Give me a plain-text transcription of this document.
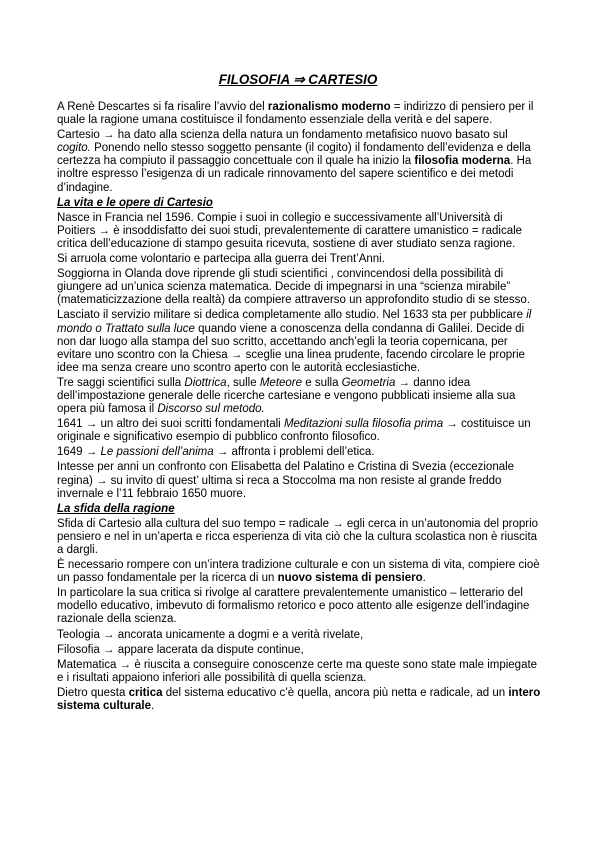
FILOSOFIA ⇒ CARTESIO

A Renè Descartes si fa risalire l’avvio del razionalismo moderno = indirizzo di pensiero per il quale la ragione umana costituisce il fondamento essenziale della verità e del sapere.

Cartesio → ha dato alla scienza della natura un fondamento metafisico nuovo basato sul cogito. Ponendo nello stesso soggetto pensante (il cogito) il fondamento dell’evidenza e della certezza ha compiuto il passaggio concettuale con il quale ha inizio la filosofia moderna. Ha inoltre espresso l’esigenza di un radicale rinnovamento del sapere scientifico e dei metodi d’indagine.

La vita e le opere di Cartesio

Nasce in Francia nel 1596. Compie i suoi in collegio e successivamente all’Università di Poitiers → è insoddisfatto dei suoi studi, prevalentemente di carattere umanistico = radicale critica dell’educazione di stampo gesuita ricevuta, sostiene di aver studiato senza ragione.

Si arruola come volontario e partecipa alla guerra dei Trent’Anni.

Soggiorna in Olanda dove riprende gli studi scientifici , convincendosi della possibilità di giungere ad un’unica scienza matematica. Decide di impegnarsi in una “scienza mirabile” (matematicizzazione della realtà) da compiere attraverso un approfondito studio di se stesso.

Lasciato il servizio militare si dedica completamente allo studio. Nel 1633 sta per pubblicare il mondo o Trattato sulla luce quando viene a conoscenza della condanna di Galilei. Decide di non dar luogo alla stampa del suo scritto, accettando anch’egli la teoria copernicana, per evitare uno scontro con la Chiesa → sceglie una linea prudente, facendo circolare le proprie idee ma senza creare uno scontro aperto con le autorità ecclesiastiche.

Tre saggi scientifici sulla Diottrica, sulle Meteore e sulla Geometria → danno idea dell’impostazione generale delle ricerche cartesiane e vengono pubblicati insieme alla sua opera più famosa il Discorso sul metodo.

1641 → un altro dei suoi scritti fondamentali Meditazioni sulla filosofia prima → costituisce un originale e significativo esempio di pubblico confronto filosofico.

1649 → Le passioni dell’anima → affronta i problemi dell’etica.

Intesse per anni un confronto con Elisabetta del Palatino e Cristina di Svezia (eccezionale regina) → su invito di quest’ ultima si reca a Stoccolma ma non resiste al grande freddo invernale e l’11 febbraio 1650 muore.

La sfida della ragione

Sfida di Cartesio alla cultura del suo tempo = radicale → egli cerca in un’autonomia del proprio pensiero e nel in un’aperta e ricca esperienza di vita ciò che la cultura scolastica non è riuscita a dargli.

È necessario rompere con un’intera tradizione culturale e con un sistema di vita, compiere cioè un passo fondamentale per la ricerca di un nuovo sistema di pensiero.

In particolare la sua critica si rivolge al carattere prevalentemente umanistico – letterario del modello educativo, imbevuto di formalismo retorico e poco attento alle esigenze dell’indagine razionale della scienza.

Teologia → ancorata unicamente a dogmi e a verità rivelate,

Filosofia → appare lacerata da dispute continue,

Matematica → è riuscita a conseguire conoscenze certe ma queste sono state male impiegate e i risultati appaiono inferiori alle possibilità di quella scienza.

Dietro questa critica del sistema educativo c’è quella, ancora più netta e radicale, ad un intero sistema culturale.
